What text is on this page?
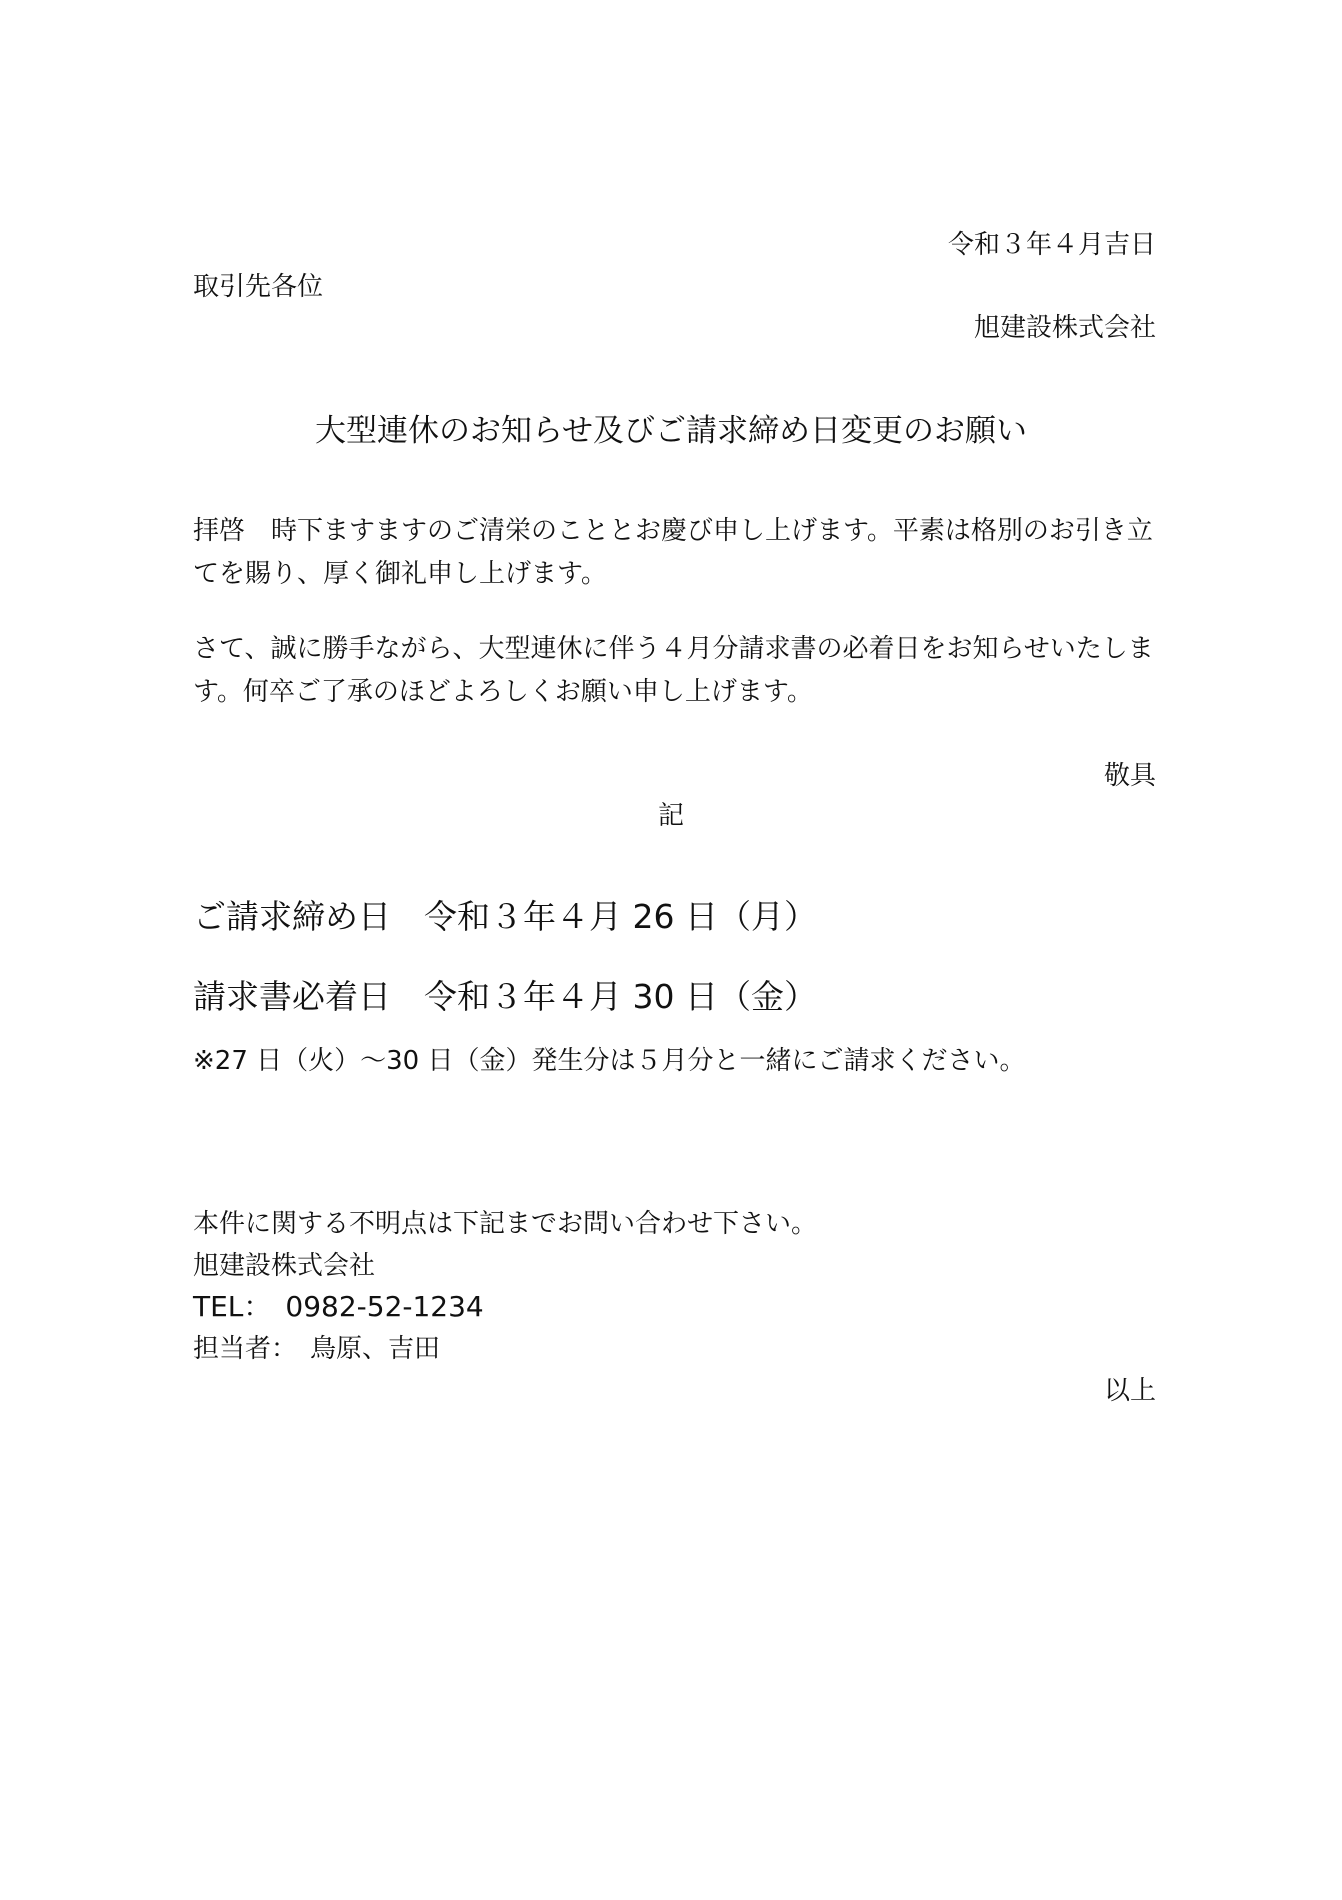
令和３年４月吉日
取引先各位
旭建設株式会社
大型連休のお知らせ及びご請求締め日変更のお願い
拝啓　時下ますますのご清栄のこととお慶び申し上げます。平素は格別のお引き立てを賜り、厚く御礼申し上げます。
さて、誠に勝手ながら、大型連休に伴う４月分請求書の必着日をお知らせいたします。何卒ご了承のほどよろしくお願い申し上げます。
敬具
記
ご請求締め日　令和３年４月 26 日（月）
請求書必着日　令和３年４月 30 日（金）
※27 日（火）～30 日（金）発生分は５月分と一緒にご請求ください。
本件に関する不明点は下記までお問い合わせ下さい。
旭建設株式会社
TEL：　0982-52-1234
担当者：　鳥原、吉田
以上
